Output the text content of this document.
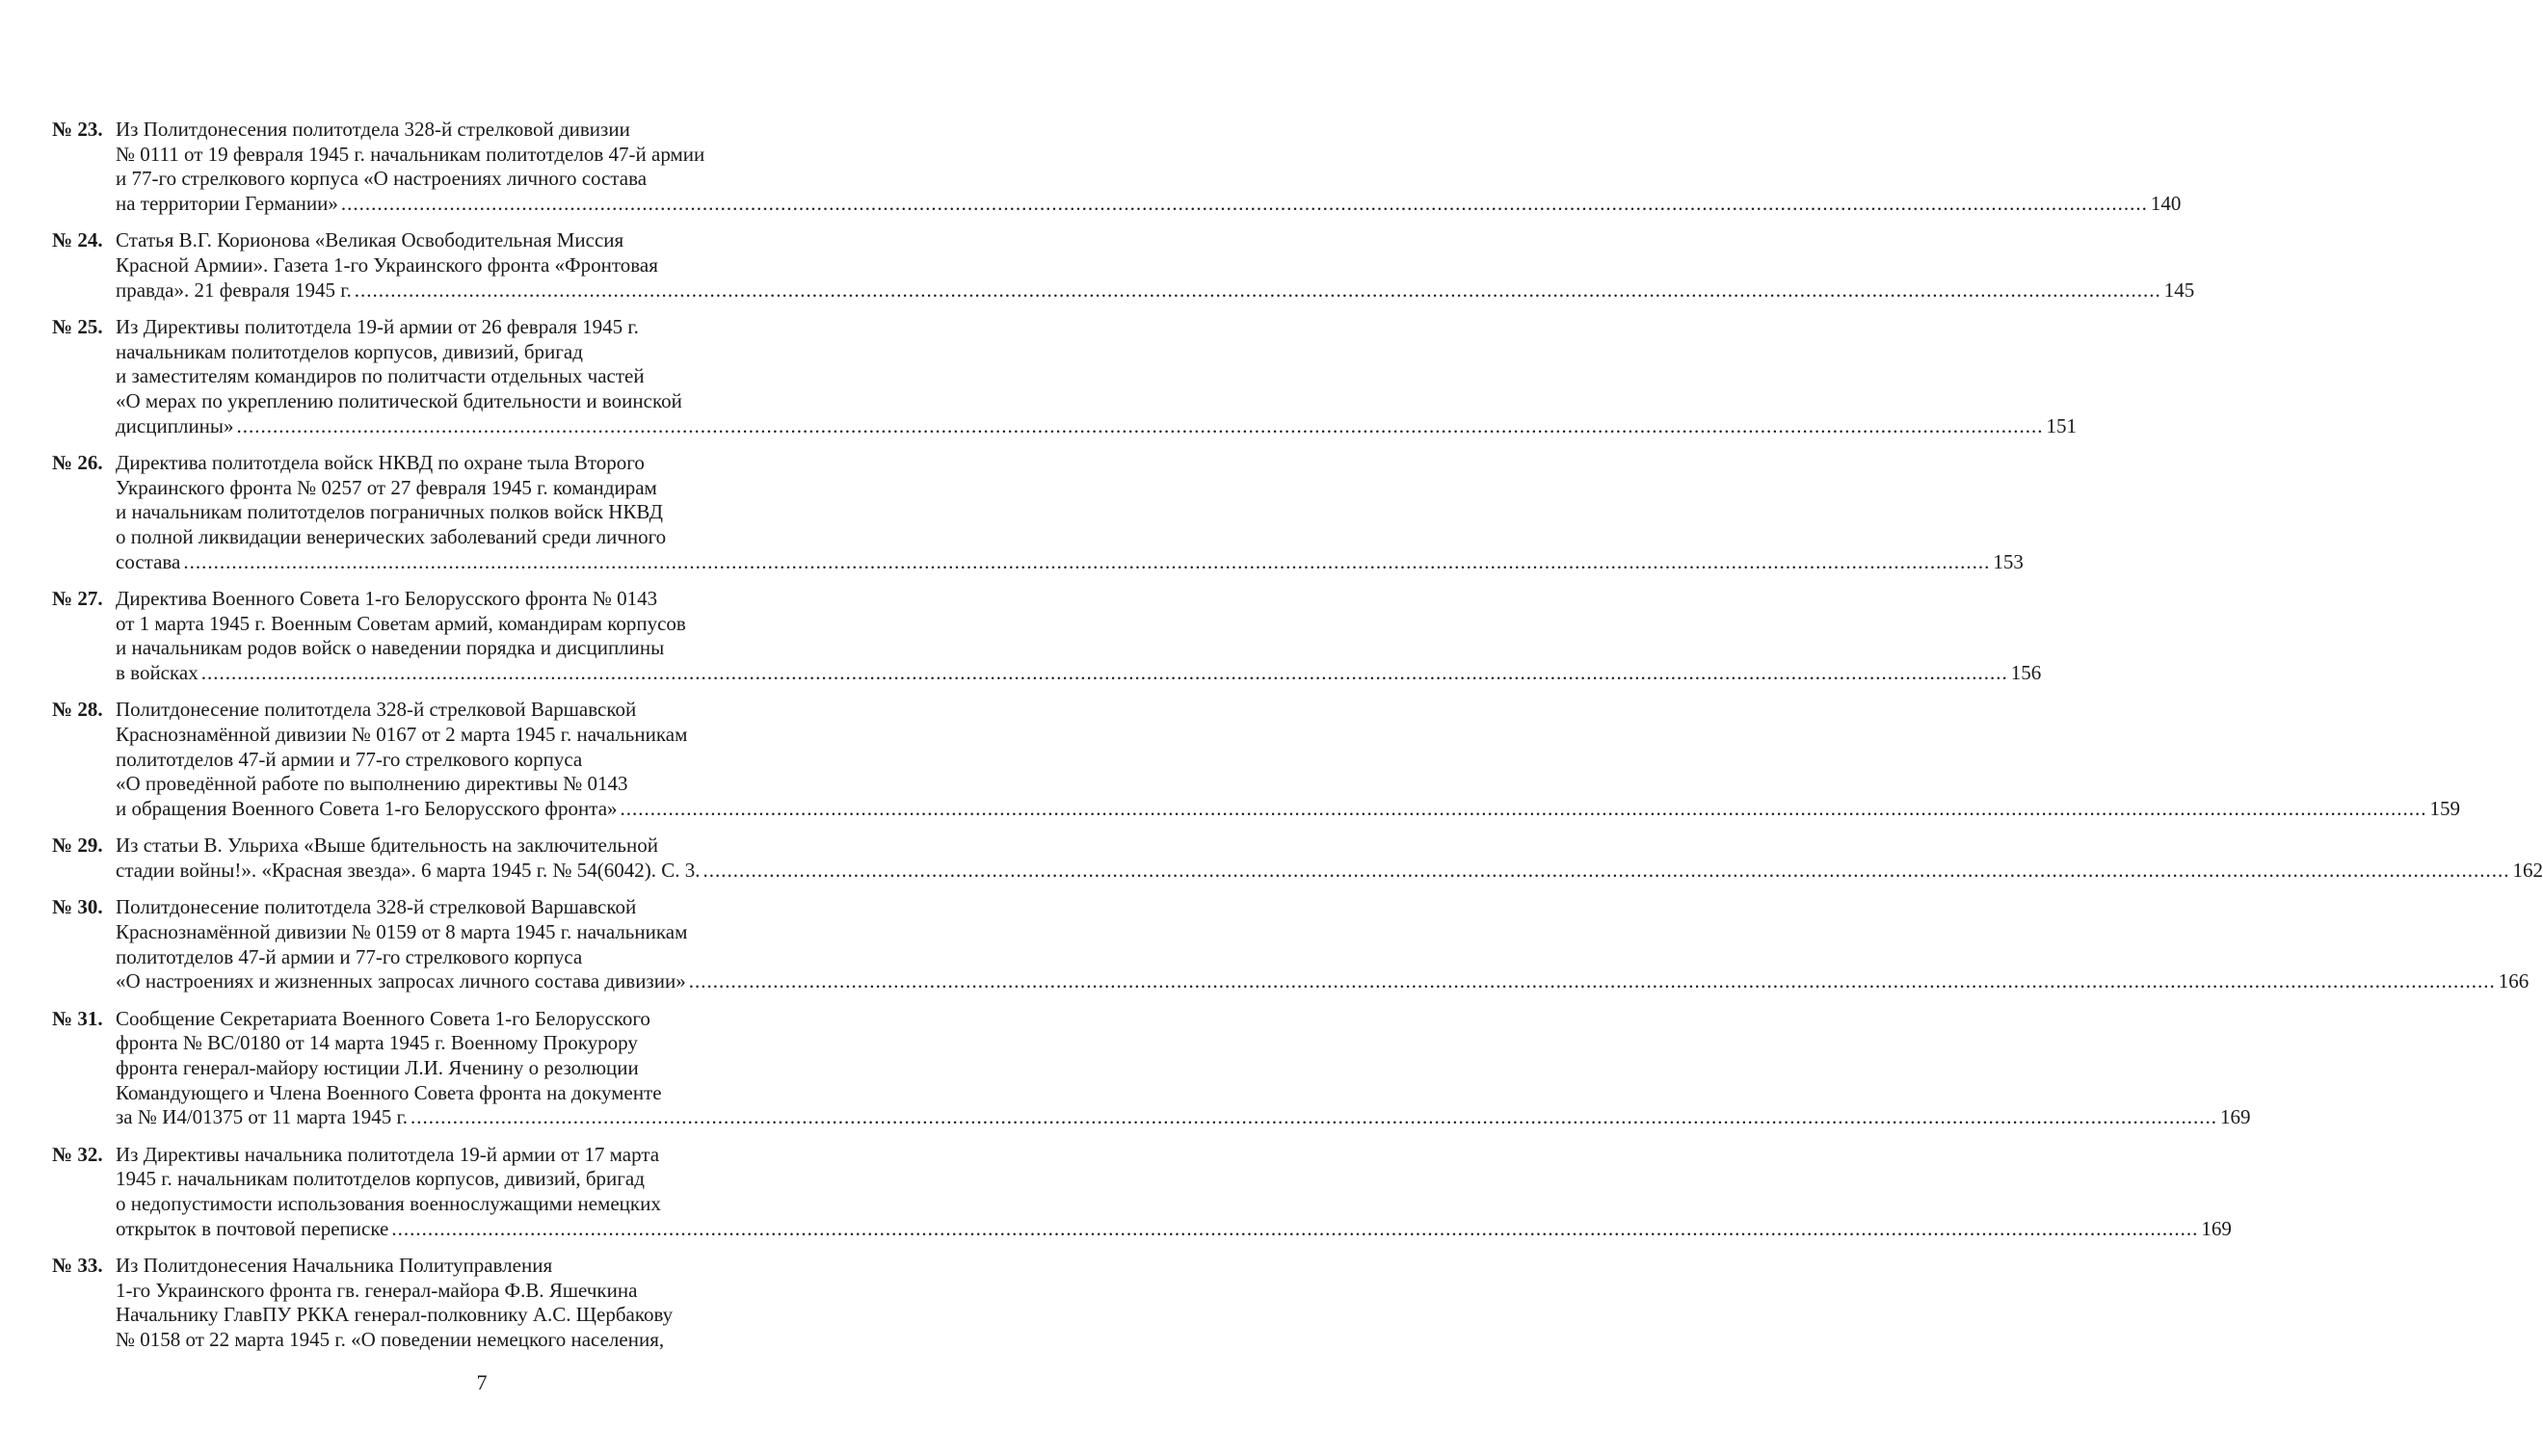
№ 23. Из Политдонесения политотдела 328-й стрелковой дивизии
№ 0111 от 19 февраля 1945 г. начальникам политотделов 47-й армии
и 77-го стрелкового корпуса «О настроениях личного состава
на территории Германии» ............................................................................................................................................................................................................................................................................................................ 140
№ 24. Статья В.Г. Корионова «Великая Освободительная Миссия
Красной Армии». Газета 1-го Украинского фронта «Фронтовая
правда». 21 февраля 1945 г. ............................................................................................................................................................................................................................................................................................................ 145
№ 25. Из Директивы политотдела 19-й армии от 26 февраля 1945 г.
начальникам политотделов корпусов, дивизий, бригад
и заместителям командиров по политчасти отдельных частей
«О мерах по укреплению политической бдительности и воинской
дисциплины» ............................................................................................................................................................................................................................................................................................................ 151
№ 26. Директива политотдела войск НКВД по охране тыла Второго
Украинского фронта № 0257 от 27 февраля 1945 г. командирам
и начальникам политотделов пограничных полков войск НКВД
о полной ликвидации венерических заболеваний среди личного
состава ............................................................................................................................................................................................................................................................................................................ 153
№ 27. Директива Военного Совета 1-го Белорусского фронта № 0143
от 1 марта 1945 г. Военным Советам армий, командирам корпусов
и начальникам родов войск о наведении порядка и дисциплины
в войсках ............................................................................................................................................................................................................................................................................................................ 156
№ 28. Политдонесение политотдела 328-й стрелковой Варшавской
Краснознамённой дивизии № 0167 от 2 марта 1945 г. начальникам
политотделов 47-й армии и 77-го стрелкового корпуса
«О проведённой работе по выполнению директивы № 0143
и обращения Военного Совета 1-го Белорусского фронта» ............................................................................................................................................................................................................................................................................................................ 159
№ 29. Из статьи В. Ульриха «Выше бдительность на заключительной
стадии войны!». «Красная звезда». 6 марта 1945 г. № 54(6042). С. 3. ............................................................................................................................................................................................................................................................................................................ 162
№ 30. Политдонесение политотдела 328-й стрелковой Варшавской
Краснознамённой дивизии № 0159 от 8 марта 1945 г. начальникам
политотделов 47-й армии и 77-го стрелкового корпуса
«О настроениях и жизненных запросах личного состава дивизии» ............................................................................................................................................................................................................................................................................................................ 166
№ 31. Сообщение Секретариата Военного Совета 1-го Белорусского
фронта № ВС/0180 от 14 марта 1945 г. Военному Прокурору
фронта генерал-майору юстиции Л.И. Яченину о резолюции
Командующего и Члена Военного Совета фронта на документе
за № И4/01375 от 11 марта 1945 г. ............................................................................................................................................................................................................................................................................................................ 169
№ 32. Из Директивы начальника политотдела 19-й армии от 17 марта
1945 г. начальникам политотделов корпусов, дивизий, бригад
о недопустимости использования военнослужащими немецких
открыток в почтовой переписке ............................................................................................................................................................................................................................................................................................................ 169
№ 33. Из Политдонесения Начальника Политуправления
1-го Украинского фронта гв. генерал-майора Ф.В. Яшечкина
Начальнику ГлавПУ РККА генерал-полковнику А.С. Щербакову
№ 0158 от 22 марта 1945 г. «О поведении немецкого населения,
7
